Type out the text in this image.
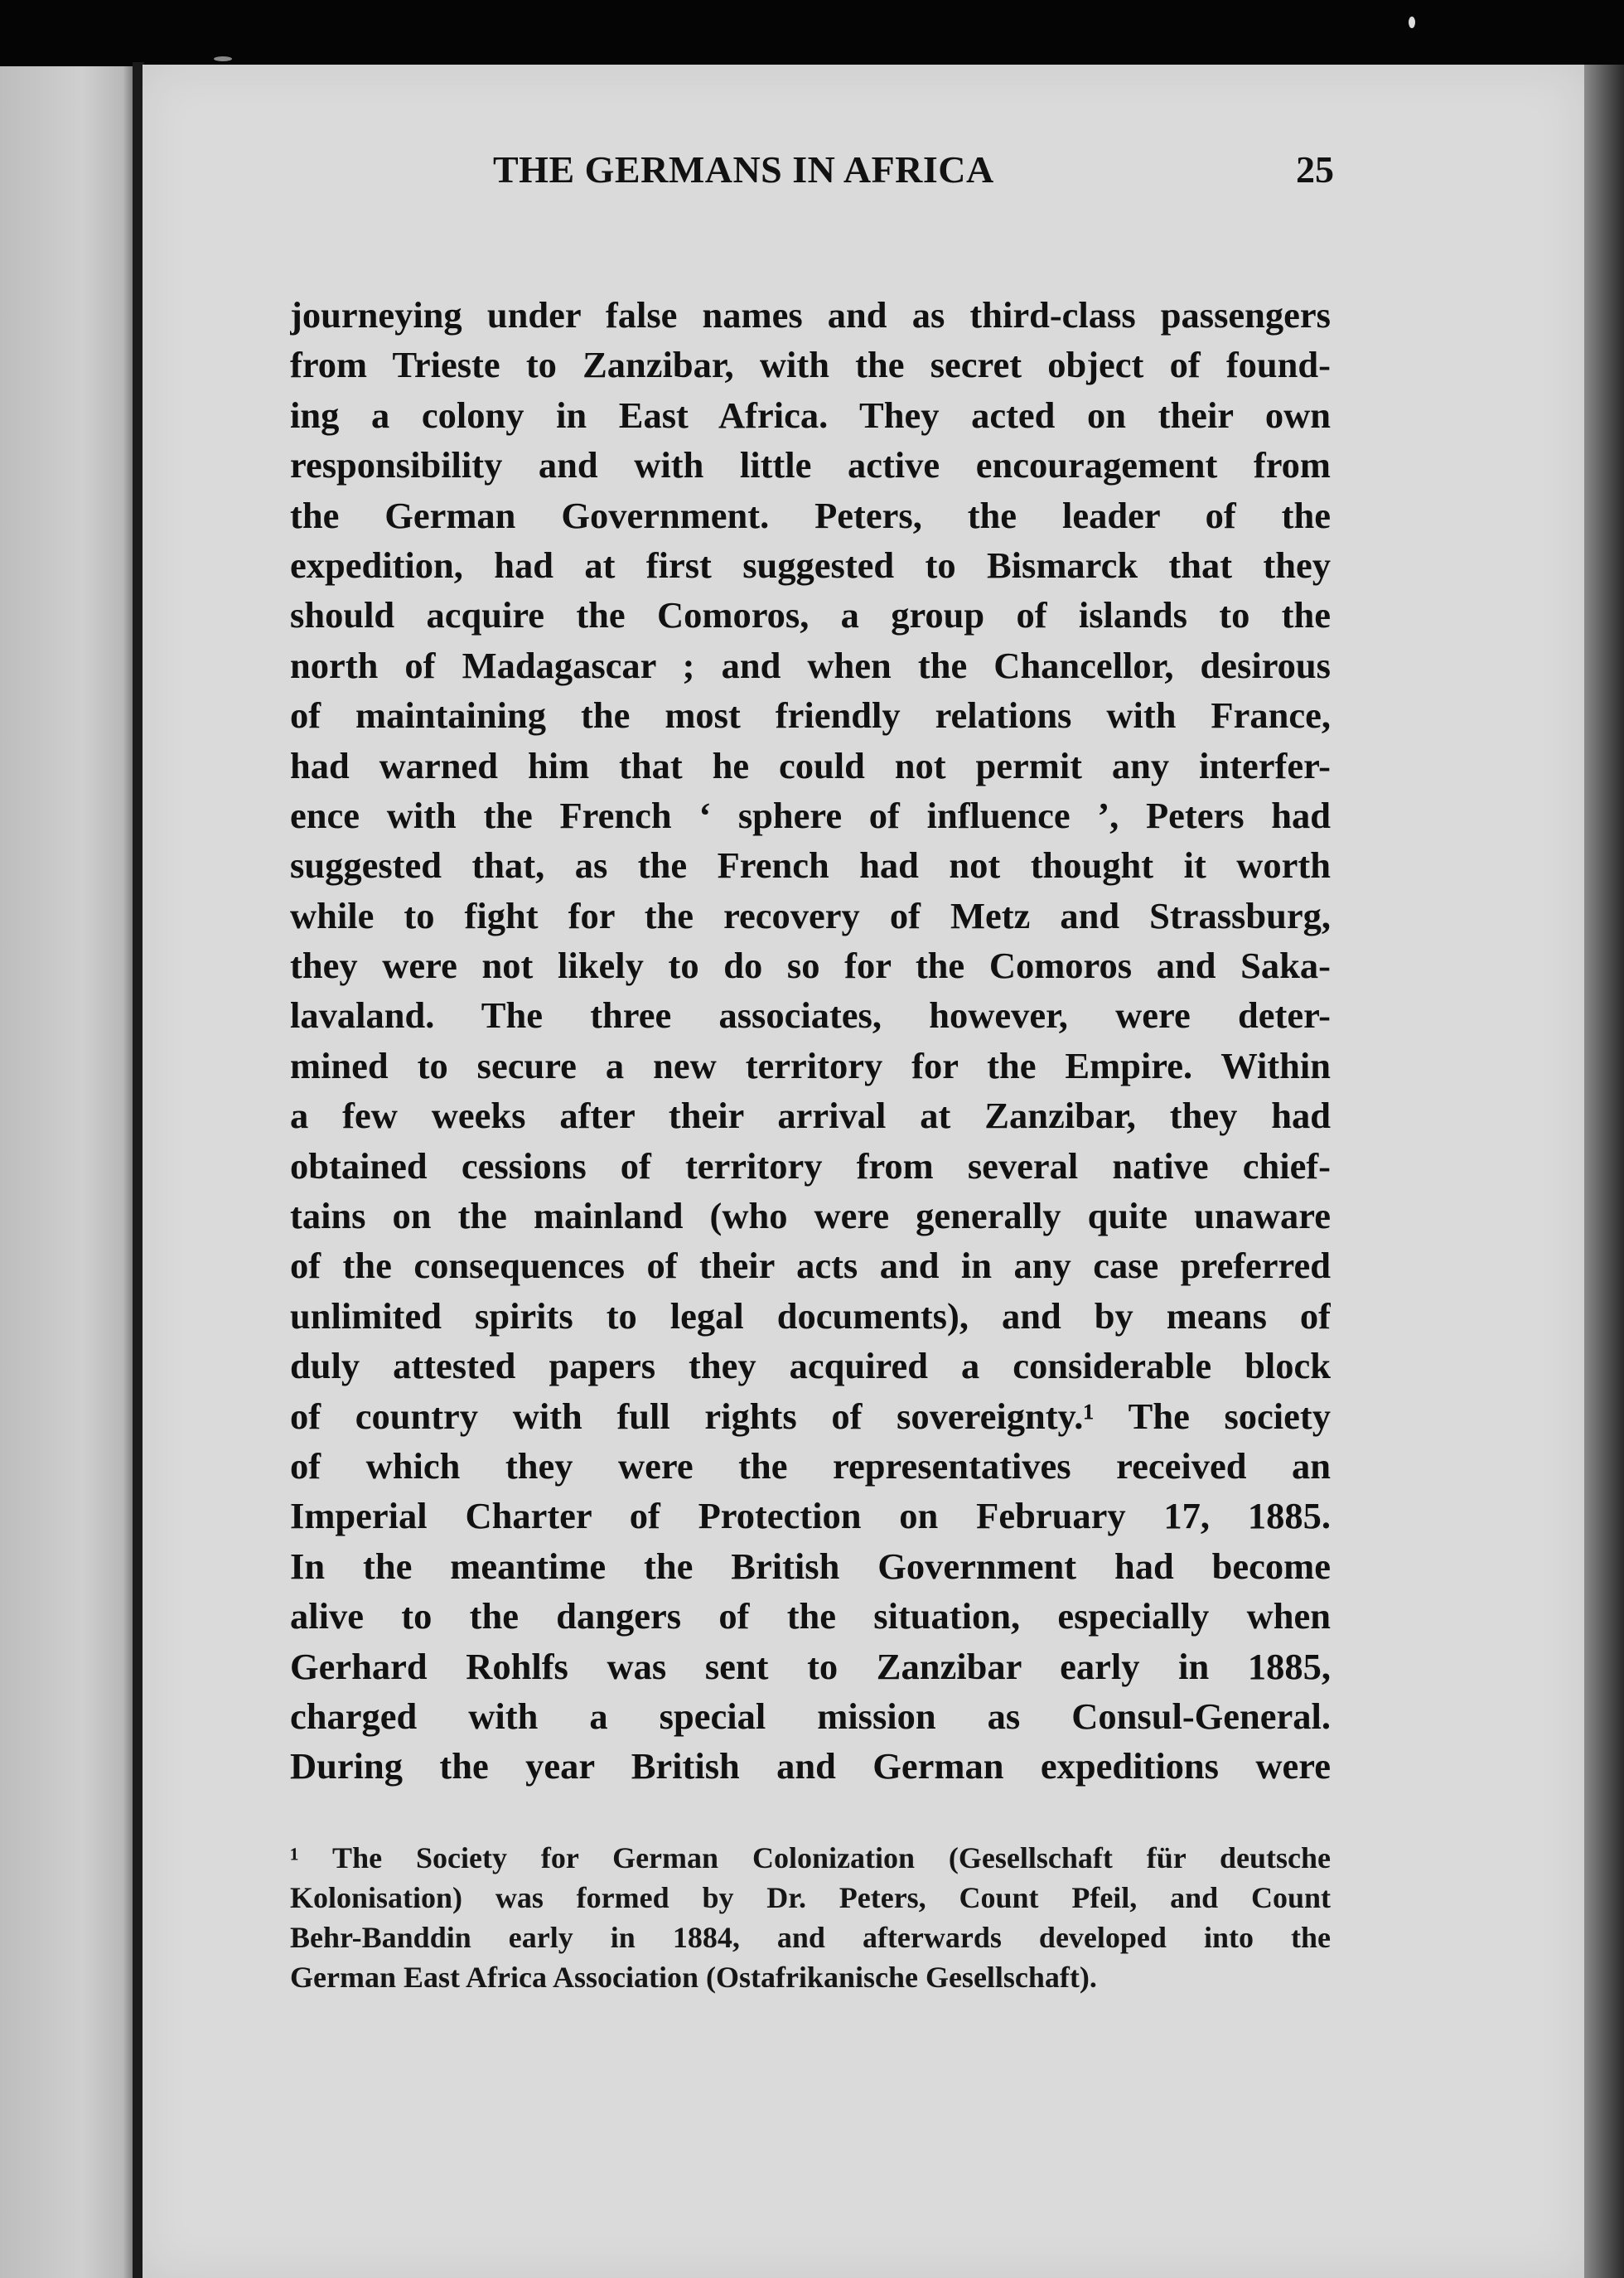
THE GERMANS IN AFRICA	25
journeying under false names and as third-class passengers
from Trieste to Zanzibar, with the secret object of found-
ing a colony in East Africa. They acted on their own
responsibility and with little active encouragement from
the German Government. Peters, the leader of the
expedition, had at first suggested to Bismarck that they
should acquire the Comoros, a group of islands to the
north of Madagascar ; and when the Chancellor, desirous
of maintaining the most friendly relations with France,
had warned him that he could not permit any interfer-
ence with the French ‘ sphere of influence ’, Peters had
suggested that, as the French had not thought it worth
while to fight for the recovery of Metz and Strassburg,
they were not likely to do so for the Comoros and Saka-
lavaland. The three associates, however, were deter-
mined to secure a new territory for the Empire. Within
a few weeks after their arrival at Zanzibar, they had
obtained cessions of territory from several native chief-
tains on the mainland (who were generally quite unaware
of the consequences of their acts and in any case preferred
unlimited spirits to legal documents), and by means of
duly attested papers they acquired a considerable block
of country with full rights of sovereignty.¹ The society
of which they were the representatives received an
Imperial Charter of Protection on February 17, 1885.
In the meantime the British Government had become
alive to the dangers of the situation, especially when
Gerhard Rohlfs was sent to Zanzibar early in 1885,
charged with a special mission as Consul-General.
During the year British and German expeditions were
¹ The Society for German Colonization (Gesellschaft für deutsche
Kolonisation) was formed by Dr. Peters, Count Pfeil, and Count
Behr-Banddin early in 1884, and afterwards developed into the
German East Africa Association (Ostafrikanische Gesellschaft).
